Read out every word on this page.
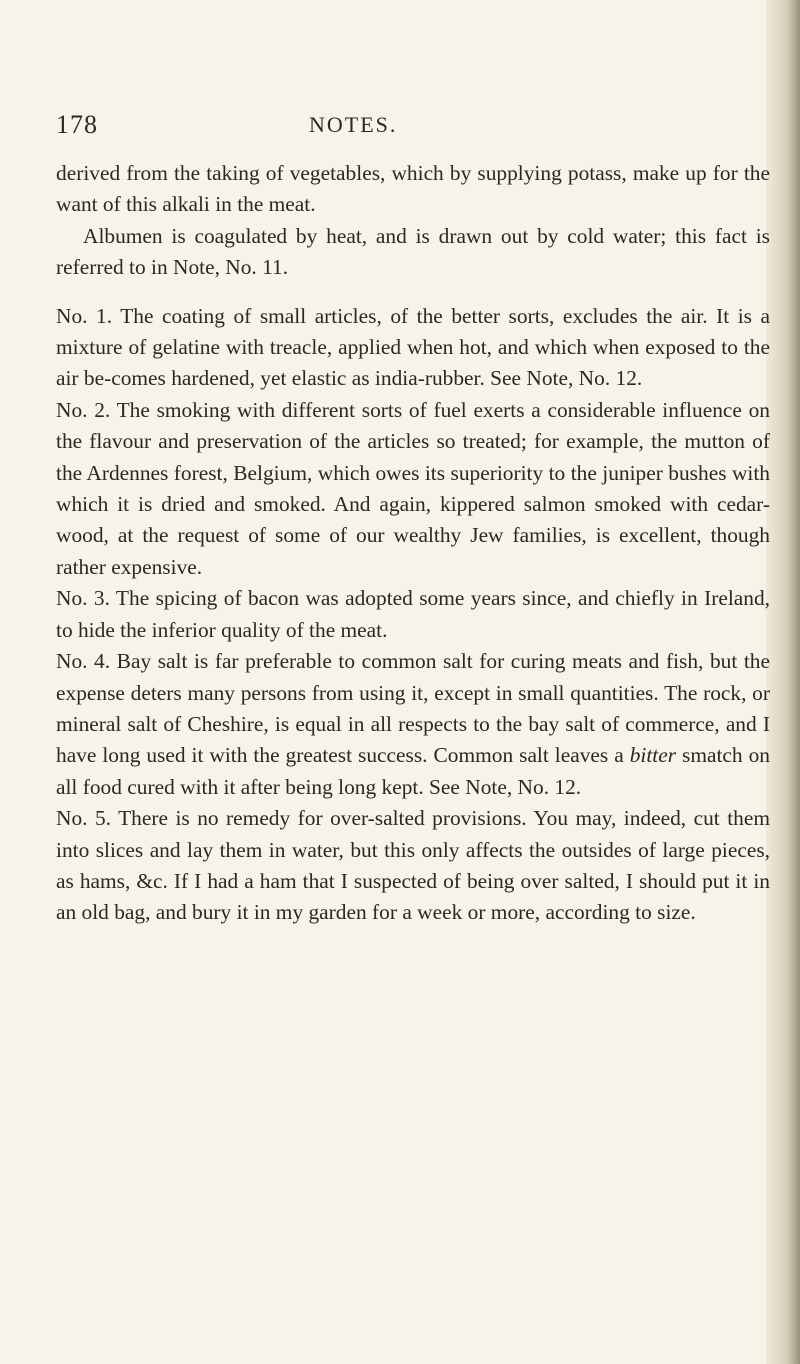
178	NOTES.

derived from the taking of vegetables, which by supplying potass, make up for the want of this alkali in the meat.

Albumen is coagulated by heat, and is drawn out by cold water; this fact is referred to in Note, No. 11.

No. 1. The coating of small articles, of the better sorts, excludes the air. It is a mixture of gelatine with treacle, applied when hot, and which when exposed to the air be-comes hardened, yet elastic as india-rubber. See Note, No. 12.

No. 2. The smoking with different sorts of fuel exerts a considerable influence on the flavour and preservation of the articles so treated; for example, the mutton of the Ardennes forest, Belgium, which owes its superiority to the juniper bushes with which it is dried and smoked. And again, kippered salmon smoked with cedar-wood, at the request of some of our wealthy Jew families, is excellent, though rather expensive.

No. 3. The spicing of bacon was adopted some years since, and chiefly in Ireland, to hide the inferior quality of the meat.

No. 4. Bay salt is far preferable to common salt for curing meats and fish, but the expense deters many persons from using it, except in small quantities. The rock, or mineral salt of Cheshire, is equal in all respects to the bay salt of commerce, and I have long used it with the greatest success. Common salt leaves a bitter smatch on all food cured with it after being long kept. See Note, No. 12.

No. 5. There is no remedy for over-salted provisions. You may, indeed, cut them into slices and lay them in water, but this only affects the outsides of large pieces, as hams, &c. If I had a ham that I suspected of being over salted, I should put it in an old bag, and bury it in my garden for a week or more, according to size.
